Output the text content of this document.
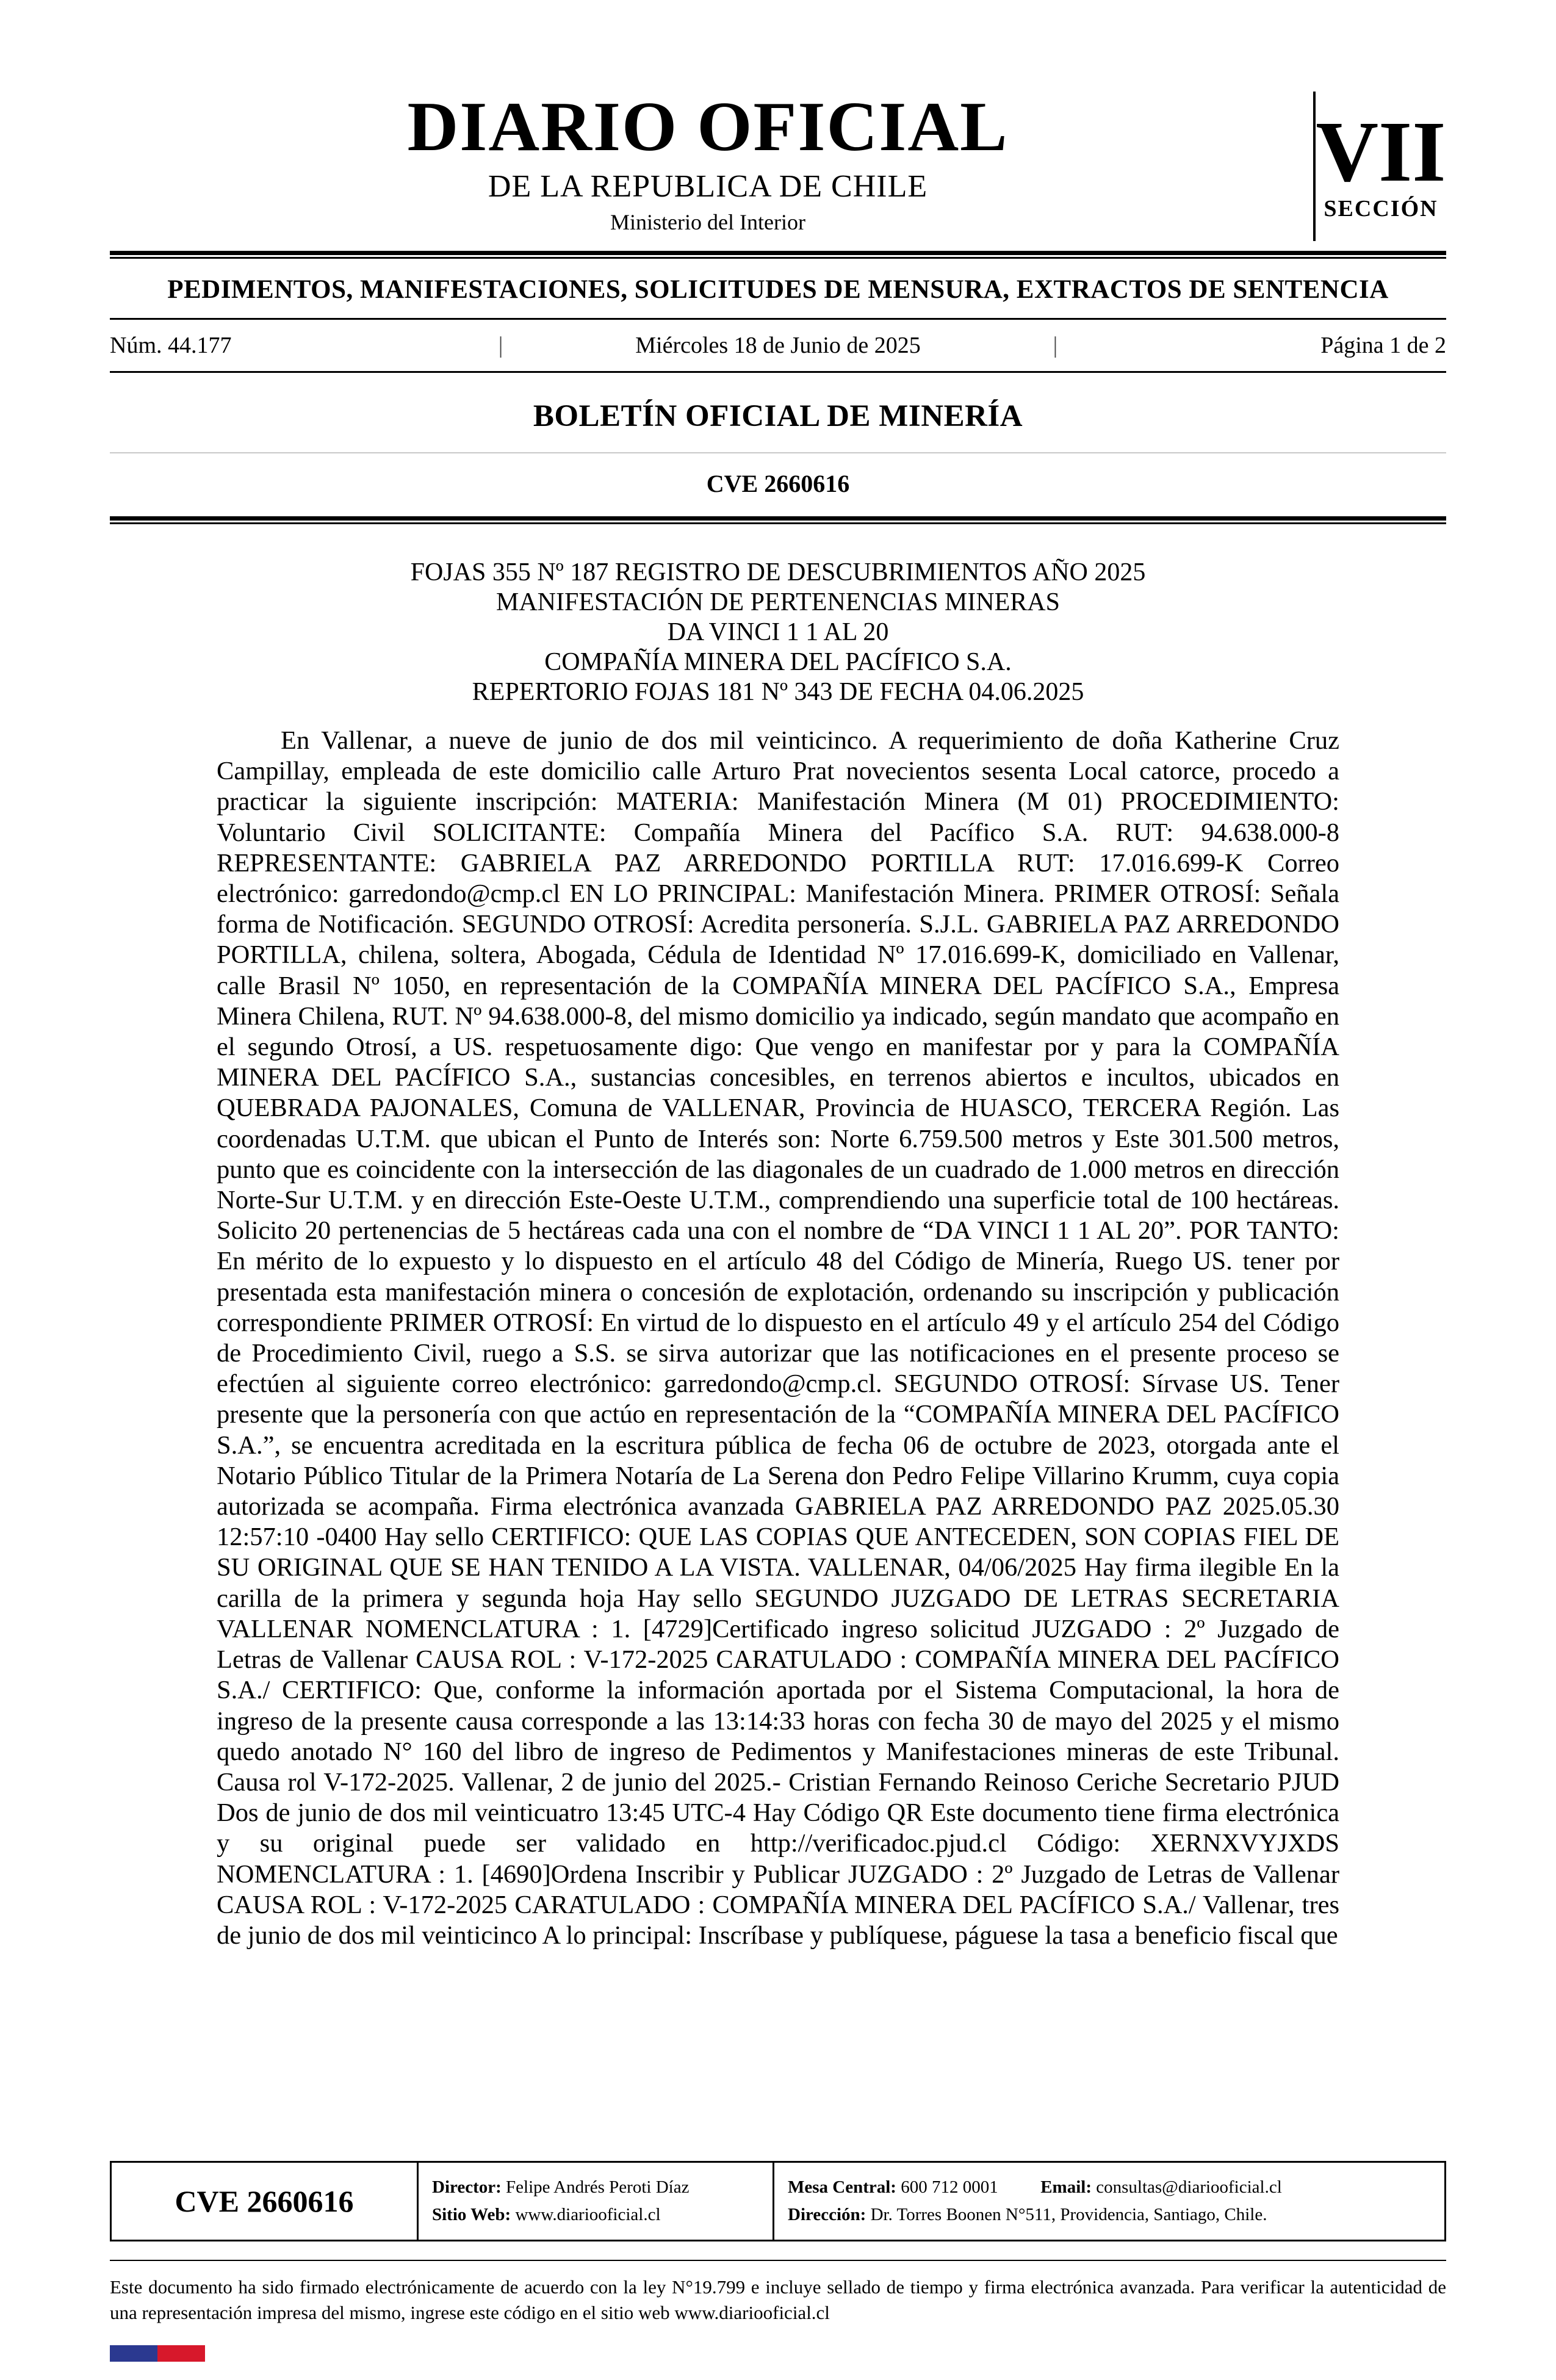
DIARIO OFICIAL
DE LA REPUBLICA DE CHILE
Ministerio del Interior
VII
SECCIÓN
PEDIMENTOS, MANIFESTACIONES, SOLICITUDES DE MENSURA, EXTRACTOS DE SENTENCIA
Núm. 44.177	|	Miércoles 18 de Junio de 2025	|	Página 1 de 2
BOLETÍN OFICIAL DE MINERÍA
CVE 2660616
FOJAS 355 Nº 187 REGISTRO DE DESCUBRIMIENTOS AÑO 2025
MANIFESTACIÓN DE PERTENENCIAS MINERAS
DA VINCI 1 1 AL 20
COMPAÑÍA MINERA DEL PACÍFICO S.A.
REPERTORIO FOJAS 181 Nº 343 DE FECHA 04.06.2025

En Vallenar, a nueve de junio de dos mil veinticinco. A requerimiento de doña Katherine Cruz Campillay, empleada de este domicilio calle Arturo Prat novecientos sesenta Local catorce, procedo a practicar la siguiente inscripción: MATERIA: Manifestación Minera (M 01) PROCEDIMIENTO: Voluntario Civil SOLICITANTE: Compañía Minera del Pacífico S.A. RUT: 94.638.000-8 REPRESENTANTE: GABRIELA PAZ ARREDONDO PORTILLA RUT: 17.016.699-K Correo electrónico: garredondo@cmp.cl EN LO PRINCIPAL: Manifestación Minera. PRIMER OTROSÍ: Señala forma de Notificación. SEGUNDO OTROSÍ: Acredita personería. S.J.L. GABRIELA PAZ ARREDONDO PORTILLA, chilena, soltera, Abogada, Cédula de Identidad Nº 17.016.699-K, domiciliado en Vallenar, calle Brasil Nº 1050, en representación de la COMPAÑÍA MINERA DEL PACÍFICO S.A., Empresa Minera Chilena, RUT. Nº 94.638.000-8, del mismo domicilio ya indicado, según mandato que acompaño en el segundo Otrosí, a US. respetuosamente digo: Que vengo en manifestar por y para la COMPAÑÍA MINERA DEL PACÍFICO S.A., sustancias concesibles, en terrenos abiertos e incultos, ubicados en QUEBRADA PAJONALES, Comuna de VALLENAR, Provincia de HUASCO, TERCERA Región. Las coordenadas U.T.M. que ubican el Punto de Interés son: Norte 6.759.500 metros y Este 301.500 metros, punto que es coincidente con la intersección de las diagonales de un cuadrado de 1.000 metros en dirección Norte-Sur U.T.M. y en dirección Este-Oeste U.T.M., comprendiendo una superficie total de 100 hectáreas. Solicito 20 pertenencias de 5 hectáreas cada una con el nombre de “DA VINCI 1 1 AL 20”. POR TANTO: En mérito de lo expuesto y lo dispuesto en el artículo 48 del Código de Minería, Ruego US. tener por presentada esta manifestación minera o concesión de explotación, ordenando su inscripción y publicación correspondiente PRIMER OTROSÍ: En virtud de lo dispuesto en el artículo 49 y el artículo 254 del Código de Procedimiento Civil, ruego a S.S. se sirva autorizar que las notificaciones en el presente proceso se efectúen al siguiente correo electrónico: garredondo@cmp.cl. SEGUNDO OTROSÍ: Sírvase US. Tener presente que la personería con que actúo en representación de la “COMPAÑÍA MINERA DEL PACÍFICO S.A.”, se encuentra acreditada en la escritura pública de fecha 06 de octubre de 2023, otorgada ante el Notario Público Titular de la Primera Notaría de La Serena don Pedro Felipe Villarino Krumm, cuya copia autorizada se acompaña. Firma electrónica avanzada GABRIELA PAZ ARREDONDO PAZ 2025.05.30 12:57:10 -0400 Hay sello CERTIFICO: QUE LAS COPIAS QUE ANTECEDEN, SON COPIAS FIEL DE SU ORIGINAL QUE SE HAN TENIDO A LA VISTA. VALLENAR, 04/06/2025 Hay firma ilegible En la carilla de la primera y segunda hoja Hay sello SEGUNDO JUZGADO DE LETRAS SECRETARIA VALLENAR NOMENCLATURA : 1. [4729]Certificado ingreso solicitud JUZGADO : 2º Juzgado de Letras de Vallenar CAUSA ROL : V-172-2025 CARATULADO : COMPAÑÍA MINERA DEL PACÍFICO S.A./ CERTIFICO: Que, conforme la información aportada por el Sistema Computacional, la hora de ingreso de la presente causa corresponde a las 13:14:33 horas con fecha 30 de mayo del 2025 y el mismo quedo anotado N° 160 del libro de ingreso de Pedimentos y Manifestaciones mineras de este Tribunal. Causa rol V-172-2025. Vallenar, 2 de junio del 2025.- Cristian Fernando Reinoso Ceriche Secretario PJUD Dos de junio de dos mil veinticuatro 13:45 UTC-4 Hay Código QR Este documento tiene firma electrónica y su original puede ser validado en http://verificadoc.pjud.cl Código: XERNXVYJXDS NOMENCLATURA : 1. [4690]Ordena Inscribir y Publicar JUZGADO : 2º Juzgado de Letras de Vallenar CAUSA ROL : V-172-2025 CARATULADO : COMPAÑÍA MINERA DEL PACÍFICO S.A./ Vallenar, tres de junio de dos mil veinticinco A lo principal: Inscríbase y publíquese, páguese la tasa a beneficio fiscal que

CVE 2660616	Director: Felipe Andrés Peroti Díaz
Sitio Web: www.diariooficial.cl
Mesa Central: 600 712 0001 Email: consultas@diariooficial.cl
Dirección: Dr. Torres Boonen N°511, Providencia, Santiago, Chile.

Este documento ha sido firmado electrónicamente de acuerdo con la ley N°19.799 e incluye sellado de tiempo y firma electrónica avanzada. Para verificar la autenticidad de una representación impresa del mismo, ingrese este código en el sitio web www.diariooficial.cl
